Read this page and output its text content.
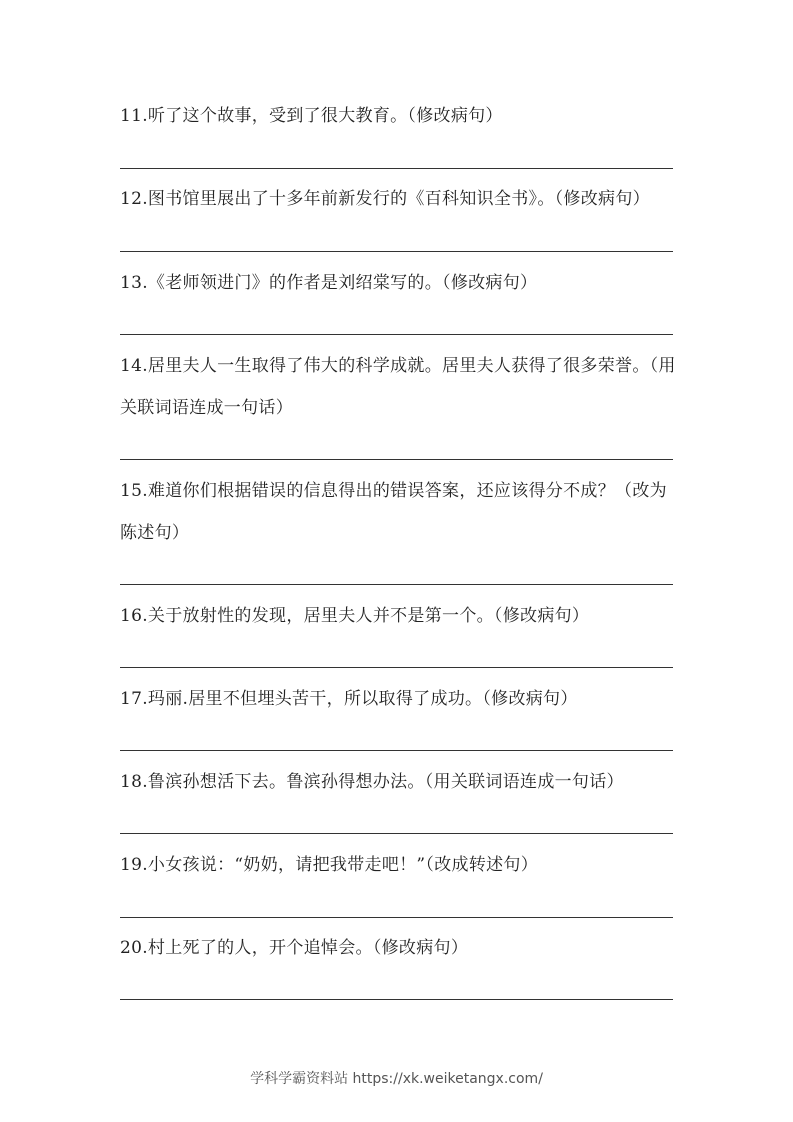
11.听了这个故事，受到了很大教育。（修改病句）
12.图书馆里展出了十多年前新发行的《百科知识全书》。（修改病句）
13.《老师领进门》的作者是刘绍棠写的。（修改病句）
14.居里夫人一生取得了伟大的科学成就。居里夫人获得了很多荣誉。（用关联词语连成一句话）
15.难道你们根据错误的信息得出的错误答案，还应该得分不成？（改为陈述句）
16.关于放射性的发现，居里夫人并不是第一个。（修改病句）
17.玛丽.居里不但埋头苦干，所以取得了成功。（修改病句）
18.鲁滨孙想活下去。鲁滨孙得想办法。（用关联词语连成一句话）
19.小女孩说：“奶奶，请把我带走吧！”（改成转述句）
20.村上死了的人，开个追悼会。（修改病句）
学科学霸资料站 https://xk.weiketangx.com/
